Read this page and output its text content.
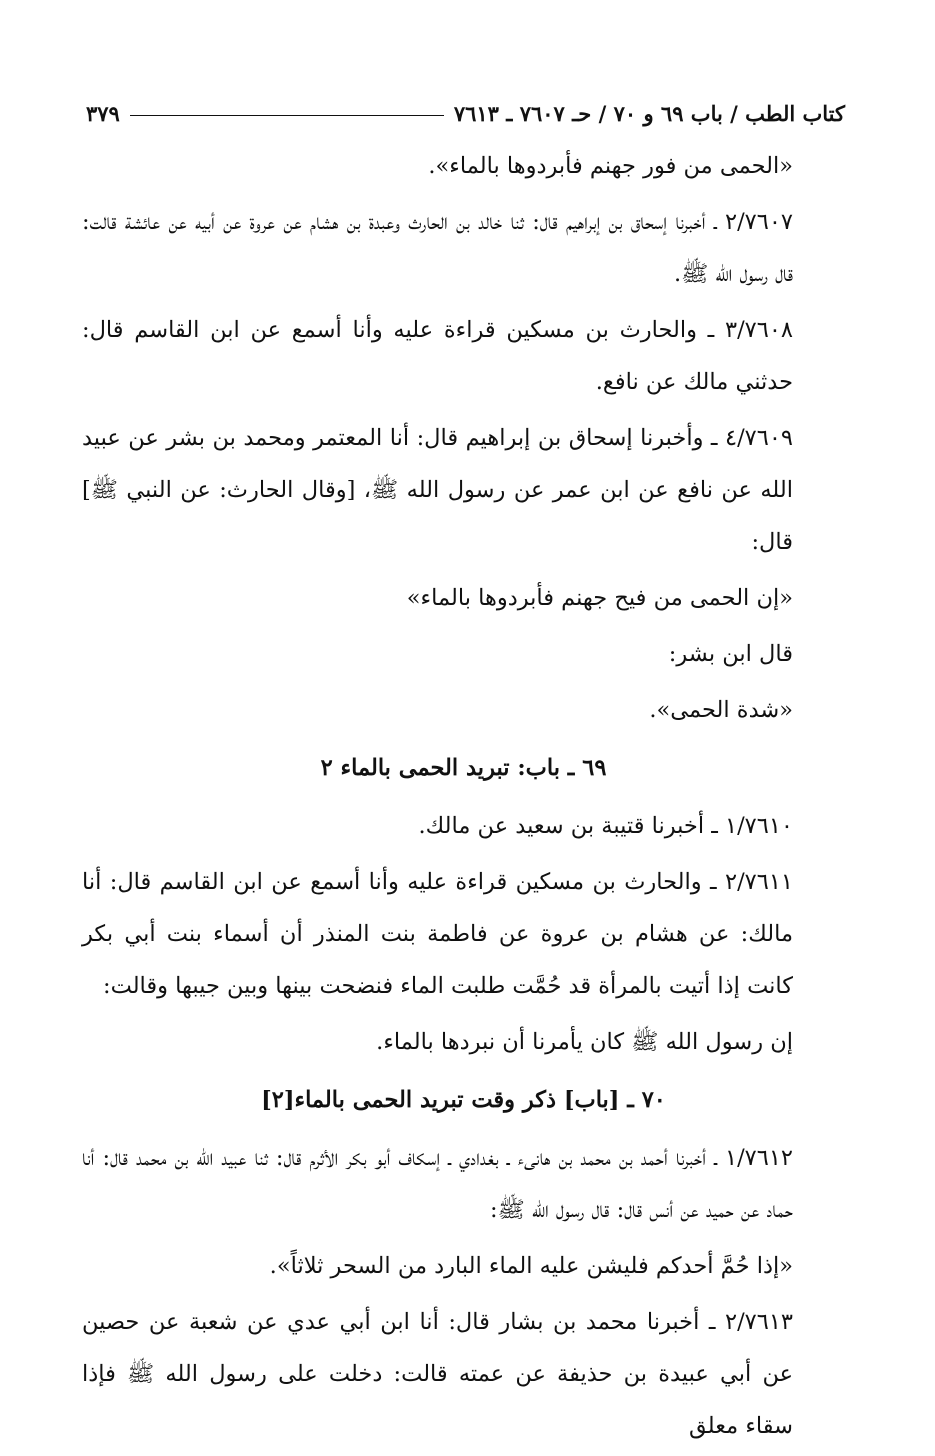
كتاب الطب / باب ٦٩ و ٧٠ / حـ ٧٦٠٧ ـ ٧٦١٣
٣٧٩

«الحمى من فور جهنم فأبردوها بالماء».

٢/٧٦٠٧ ـ أخبرنا إسحاق بن إبراهيم قال: ثنا خالد بن الحارث وعبدة بن هشام عن عروة عن أبيه عن عائشة قالت: قال رسول الله ﷺ.

٣/٧٦٠٨ ـ والحارث بن مسكين قراءة عليه وأنا أسمع عن ابن القاسم قال: حدثني مالك عن نافع.

٤/٧٦٠٩ ـ وأخبرنا إسحاق بن إبراهيم قال: أنا المعتمر ومحمد بن بشر عن عبيد الله عن نافع عن ابن عمر عن رسول الله ﷺ، [وقال الحارث: عن النبي ﷺ] قال:

«إن الحمى من فيح جهنم فأبردوها بالماء»

قال ابن بشر:

«شدة الحمى».

٦٩ ـ باب: تبريد الحمى بالماء ٢

١/٧٦١٠ ـ أخبرنا قتيبة بن سعيد عن مالك.

٢/٧٦١١ ـ والحارث بن مسكين قراءة عليه وأنا أسمع عن ابن القاسم قال: أنا مالك: عن هشام بن عروة عن فاطمة بنت المنذر أن أسماء بنت أبي بكر كانت إذا أتيت بالمرأة قد حُمَّت طلبت الماء فنضحت بينها وبين جيبها وقالت:

إن رسول الله ﷺ كان يأمرنا أن نبردها بالماء.

٧٠ ـ [باب] ذكر وقت تبريد الحمى بالماء[٢]

١/٧٦١٢ ـ أخبرنا أحمد بن محمد بن هانىء ـ بغدادي ـ إسكاف أبو بكر الأثرم قال: ثنا عبيد الله بن محمد قال: أنا حماد عن حميد عن أنس قال: قال رسول الله ﷺ:

«إذا حُمَّ أحدكم فليشن عليه الماء البارد من السحر ثلاثاً».

٢/٧٦١٣ ـ أخبرنا محمد بن بشار قال: أنا ابن أبي عدي عن شعبة عن حصين عن أبي عبيدة بن حذيفة عن عمته قالت: دخلت على رسول الله ﷺ فإذا سقاء معلق
